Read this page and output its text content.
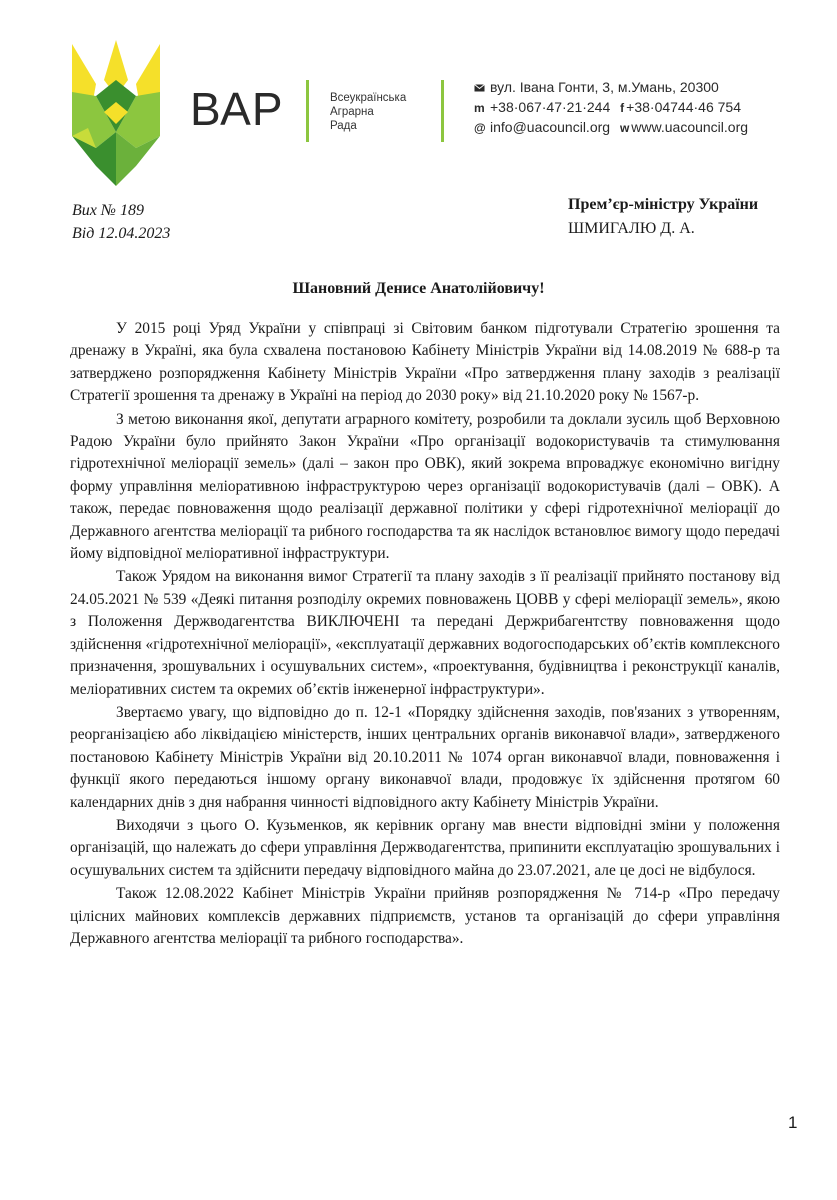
ВАР	Всеукраїнська
Аграрна
Рада
вул. Івана Гонти, 3, м.Умань, 20300
m +38·067·47·21·244 f +38·04744·46 754
@ info@uacouncil.org w www.uacouncil.org
Вих № 189
Від 12.04.2023
Прем’єр-міністру України
ШМИГАЛЮ Д. А.
Шановний Денисе Анатолійовичу!

У 2015 році Уряд України у співпраці зі Світовим банком підготували Стратегію зрошення та дренажу в Україні, яка була схвалена постановою Кабінету Міністрів України від 14.08.2019 № 688-р та затверджено розпорядження Кабінету Міністрів України «Про затвердження плану заходів з реалізації Стратегії зрошення та дренажу в Україні на період до 2030 року» від 21.10.2020 року № 1567-р.

З метою виконання якої, депутати аграрного комітету, розробили та доклали зусиль щоб Верховною Радою України було прийнято Закон України «Про організації водокористувачів та стимулювання гідротехнічної меліорації земель» (далі – закон про ОВК), який зокрема впроваджує економічно вигідну форму управління меліоративною інфраструктурою через організації водокористувачів (далі – ОВК). А також, передає повноваження щодо реалізації державної політики у сфері гідротехнічної меліорації до Державного агентства меліорації та рибного господарства та як наслідок встановлює вимогу щодо передачі йому відповідної меліоративної інфраструктури.

Також Урядом на виконання вимог Стратегії та плану заходів з її реалізації прийнято постанову від 24.05.2021 № 539 «Деякі питання розподілу окремих повноважень ЦОВВ у сфері меліорації земель», якою з Положення Держводагентства ВИКЛЮЧЕНІ та передані Держрибагентству повноваження щодо здійснення «гідротехнічної меліорації», «експлуатації державних водогосподарських об’єктів комплексного призначення, зрошувальних і осушувальних систем», «проектування, будівництва і реконструкції каналів, меліоративних систем та окремих об’єктів інженерної інфраструктури».

Звертаємо увагу, що відповідно до п. 12-1 «Порядку здійснення заходів, пов'язаних з утворенням, реорганізацією або ліквідацією міністерств, інших центральних органів виконавчої влади», затвердженого постановою Кабінету Міністрів України від 20.10.2011 № 1074 орган виконавчої влади, повноваження і функції якого передаються іншому органу виконавчої влади, продовжує їх здійснення протягом 60 календарних днів з дня набрання чинності відповідного акту Кабінету Міністрів України.

Виходячи з цього О. Кузьменков, як керівник органу мав внести відповідні зміни у положення організацій, що належать до сфери управління Держводагентства, припинити експлуатацію зрошувальних і осушувальних систем та здійснити передачу відповідного майна до 23.07.2021, але це досі не відбулося.

Також 12.08.2022 Кабінет Міністрів України прийняв розпорядження № 714-р «Про передачу цілісних майнових комплексів державних підприємств, установ та організацій до сфери управління Державного агентства меліорації та рибного господарства».

1
